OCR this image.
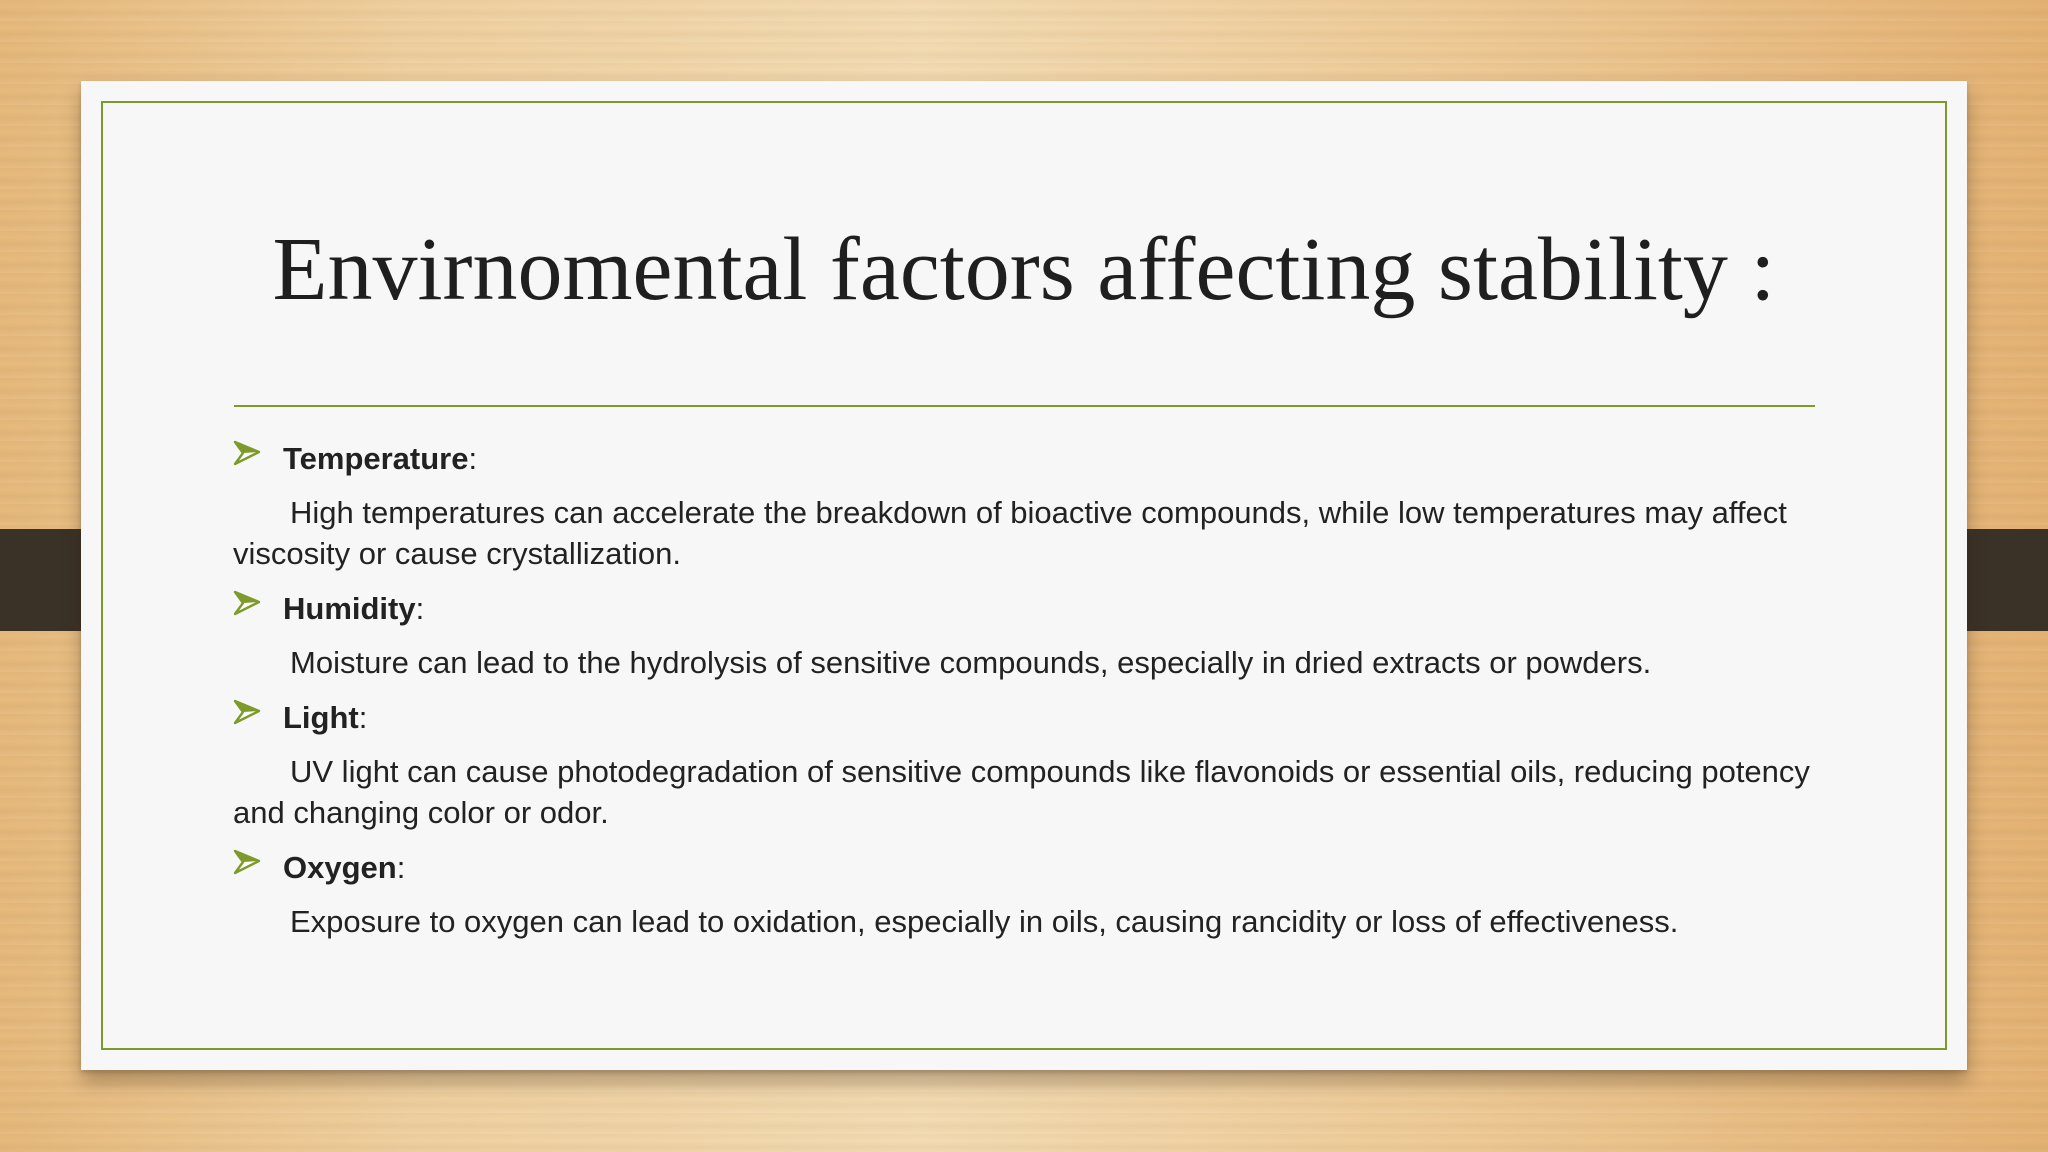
Envirnomental factors affecting stability :
Temperature:

High temperatures can accelerate the breakdown of bioactive compounds, while low temperatures may affect viscosity or cause crystallization.

Humidity:

Moisture can lead to the hydrolysis of sensitive compounds, especially in dried extracts or powders.

Light:

UV light can cause photodegradation of sensitive compounds like flavonoids or essential oils, reducing potency and changing color or odor.

Oxygen:

Exposure to oxygen can lead to oxidation, especially in oils, causing rancidity or loss of effectiveness.
